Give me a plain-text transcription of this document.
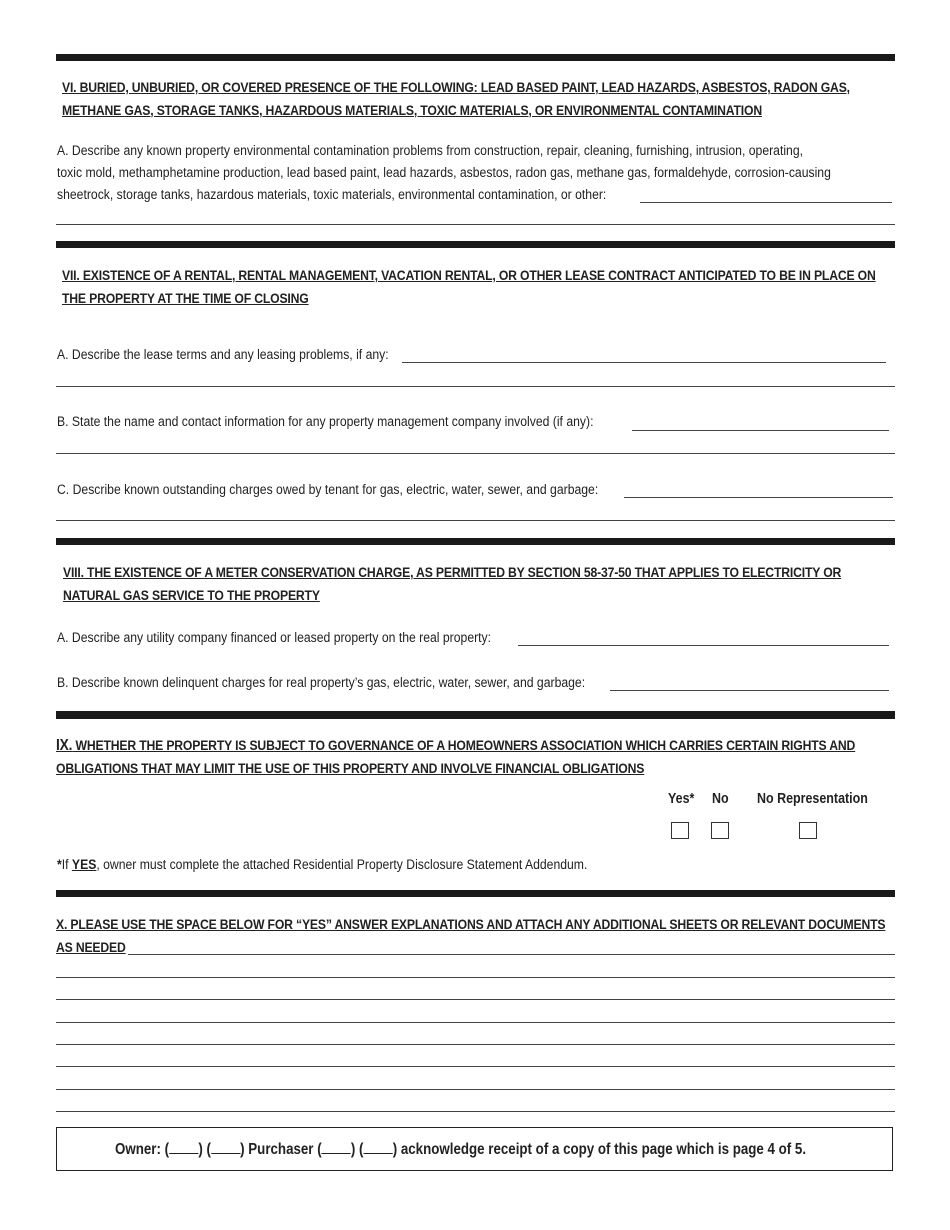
VI. BURIED, UNBURIED, OR COVERED PRESENCE OF THE FOLLOWING: LEAD BASED PAINT, LEAD HAZARDS, ASBESTOS, RADON GAS,
METHANE GAS, STORAGE TANKS, HAZARDOUS MATERIALS, TOXIC MATERIALS, OR ENVIRONMENTAL CONTAMINATION
A. Describe any known property environmental contamination problems from construction, repair, cleaning, furnishing, intrusion, operating,
toxic mold, methamphetamine production, lead based paint, lead hazards, asbestos, radon gas, methane gas, formaldehyde, corrosion-causing
sheetrock, storage tanks, hazardous materials, toxic materials, environmental contamination, or other:
VII. EXISTENCE OF A RENTAL, RENTAL MANAGEMENT, VACATION RENTAL, OR OTHER LEASE CONTRACT ANTICIPATED TO BE IN PLACE ON
THE PROPERTY AT THE TIME OF CLOSING
A. Describe the lease terms and any leasing problems, if any:
B. State the name and contact information for any property management company involved (if any):
C. Describe known outstanding charges owed by tenant for gas, electric, water, sewer, and garbage:
VIII. THE EXISTENCE OF A METER CONSERVATION CHARGE, AS PERMITTED BY SECTION 58-37-50 THAT APPLIES TO ELECTRICITY OR
NATURAL GAS SERVICE TO THE PROPERTY
A. Describe any utility company financed or leased property on the real property:
B. Describe known delinquent charges for real property’s gas, electric, water, sewer, and garbage:
IX. WHETHER THE PROPERTY IS SUBJECT TO GOVERNANCE OF A HOMEOWNERS ASSOCIATION WHICH CARRIES CERTAIN RIGHTS AND
OBLIGATIONS THAT MAY LIMIT THE USE OF THIS PROPERTY AND INVOLVE FINANCIAL OBLIGATIONS
Yes* No No Representation
*If YES, owner must complete the attached Residential Property Disclosure Statement Addendum.
X. PLEASE USE THE SPACE BELOW FOR “YES” ANSWER EXPLANATIONS AND ATTACH ANY ADDITIONAL SHEETS OR RELEVANT DOCUMENTS
AS NEEDED
Owner: ( ) ( ) Purchaser ( ) ( ) acknowledge receipt of a copy of this page which is page 4 of 5.
